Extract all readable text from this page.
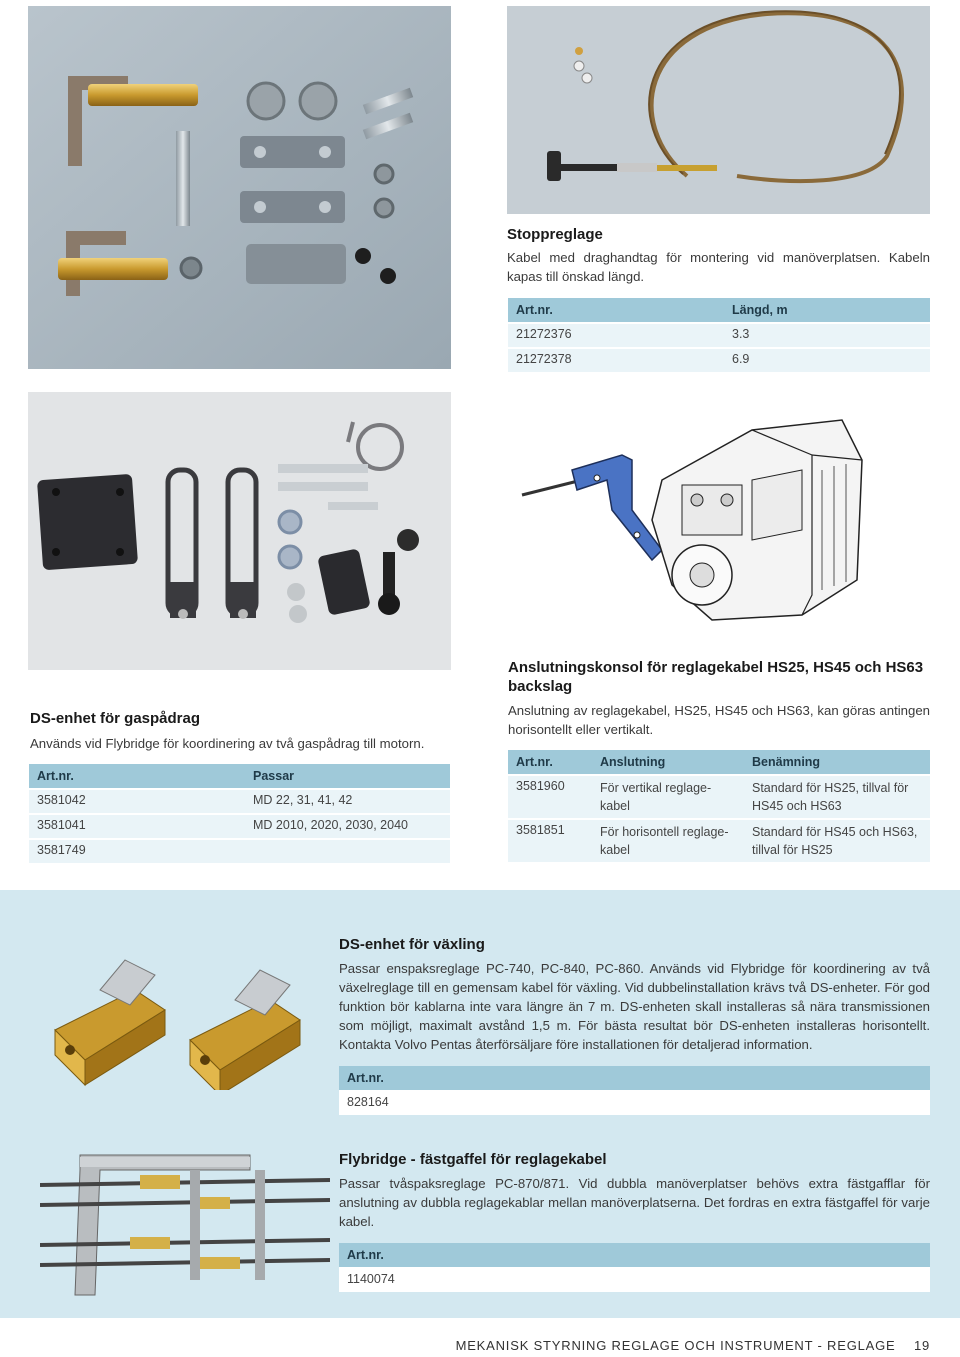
Stoppreglage
Kabel med draghandtag för montering vid manöverplatsen. Kabeln kapas till önskad längd.
Art.nr.	Längd, m
21272376	3.3
21272378	6.9
DS-enhet för gaspådrag
Används vid Flybridge för koordinering av två gaspådrag till motorn.
Art.nr.	Passar
3581042	MD 22, 31, 41, 42
3581041	MD 2010, 2020, 2030, 2040
3581749	
Anslutningskonsol för reglagekabel HS25, HS45 och HS63 backslag
Anslutning av reglagekabel, HS25, HS45 och HS63, kan göras antingen horisontellt eller vertikalt.
Art.nr.	Anslutning	Benämning
3581960	För vertikal reglage-kabel	Standard för HS25, tillval för HS45 och HS63
3581851	För horisontell reglage-kabel	Standard för HS45 och HS63, tillval för HS25
DS-enhet för växling
Passar enspaksreglage PC-740, PC-840, PC-860. Används vid Flybridge för koordinering av två växelreglage till en gemensam kabel för växling. Vid dubbelinstallation krävs två DS-enheter. För god funktion bör kablarna inte vara längre än 7 m. DS-enheten skall installeras så nära transmissionen som möjligt, maximalt avstånd 1,5 m. För bästa resultat bör DS-enheten installeras horisontellt. Kontakta Volvo Pentas återförsäljare före installationen för detaljerad information.
Art.nr.
828164
Flybridge - fästgaffel för reglagekabel
Passar tvåspaksreglage PC-870/871. Vid dubbla manöverplatser behövs extra fästgafflar för anslutning av dubbla reglagekablar mellan manöverplatserna. Det fordras en extra fästgaffel för varje kabel.
Art.nr.
1140074
MEKANISK STYRNING REGLAGE OCH INSTRUMENT - REGLAGE 19
